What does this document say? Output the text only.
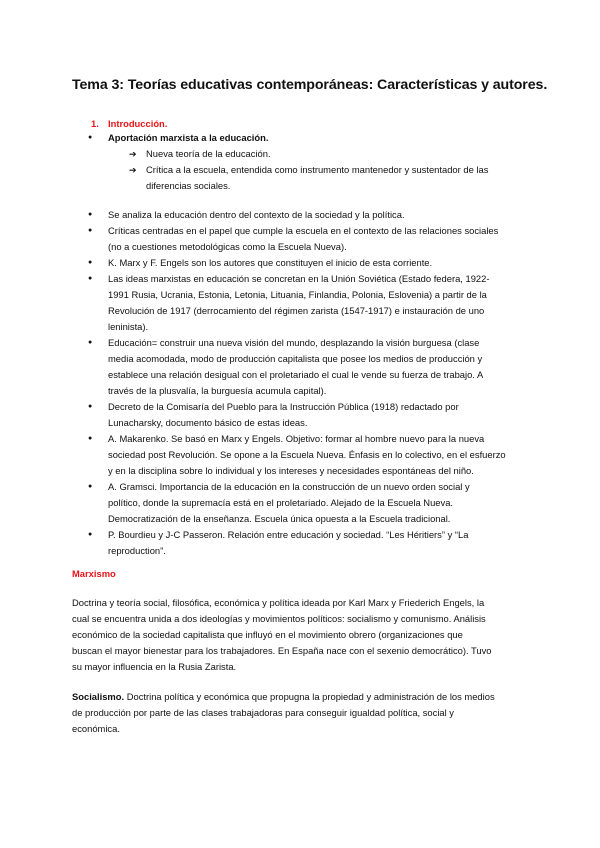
Tema 3: Teorías educativas contemporáneas: Características y autores.
1. Introducción.
● Aportación marxista a la educación.
➔ Nueva teoría de la educación.
➔ Crítica a la escuela, entendida como instrumento mantenedor y sustentador de las
diferencias sociales.
● Se analiza la educación dentro del contexto de la sociedad y la política.
● Críticas centradas en el papel que cumple la escuela en el contexto de las relaciones sociales
(no a cuestiones metodológicas como la Escuela Nueva).
● K. Marx y F. Engels son los autores que constituyen el inicio de esta corriente.
● Las ideas marxistas en educación se concretan en la Unión Soviética (Estado federa, 1922-
1991 Rusia, Ucrania, Estonia, Letonia, Lituania, Finlandia, Polonia, Eslovenia) a partir de la
Revolución de 1917 (derrocamiento del régimen zarista (1547-1917) e instauración de uno
leninista).
● Educación= construir una nueva visión del mundo, desplazando la visión burguesa (clase
media acomodada, modo de producción capitalista que posee los medios de producción y
establece una relación desigual con el proletariado el cual le vende su fuerza de trabajo. A
través de la plusvalía, la burguesía acumula capital).
● Decreto de la Comisaría del Pueblo para la Instrucción Pública (1918) redactado por
Lunacharsky, documento básico de estas ideas.
● A. Makarenko. Se basó en Marx y Engels. Objetivo: formar al hombre nuevo para la nueva
sociedad post Revolución. Se opone a la Escuela Nueva. Énfasis en lo colectivo, en el esfuerzo
y en la disciplina sobre lo individual y los intereses y necesidades espontáneas del niño.
● A. Gramsci. Importancia de la educación en la construcción de un nuevo orden social y
político, donde la supremacía está en el proletariado. Alejado de la Escuela Nueva.
Democratización de la enseñanza. Escuela única opuesta a la Escuela tradicional.
● P. Bourdieu y J-C Passeron. Relación entre educación y sociedad. “Les Héritiers” y “La
reproduction”.
Marxismo
Doctrina y teoría social, filosófica, económica y política ideada por Karl Marx y Friederich Engels, la
cual se encuentra unida a dos ideologías y movimientos políticos: socialismo y comunismo. Análisis
económico de la sociedad capitalista que influyó en el movimiento obrero (organizaciones que
buscan el mayor bienestar para los trabajadores. En España nace con el sexenio democrático). Tuvo
su mayor influencia en la Rusia Zarista.
Socialismo. Doctrina política y económica que propugna la propiedad y administración de los medios
de producción por parte de las clases trabajadoras para conseguir igualdad política, social y
económica.
